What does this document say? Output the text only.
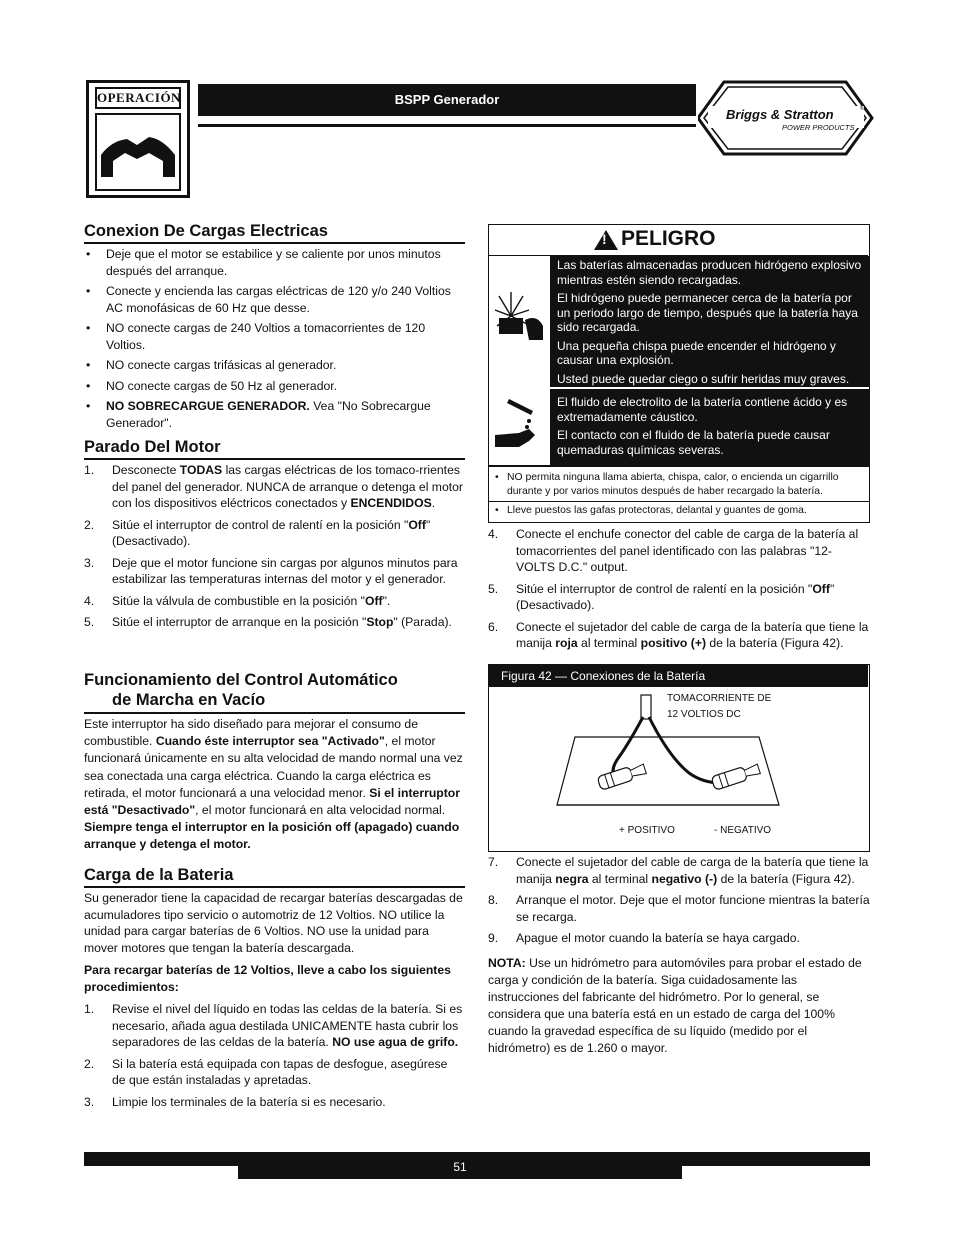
OPERACIÓN	BSPP Generador
Briggs & Stratton	®
POWER PRODUCTS
Conexion De Cargas Electricas
• Deje que el motor se estabilice y se caliente por unos minutos después del arranque.
• Conecte y encienda las cargas eléctricas de 120 y/o 240 Voltios AC monofásicas de 60 Hz que desse.
• NO conecte cargas de 240 Voltios a tomacorrientes de 120 Voltios.
• NO conecte cargas trifásicas al generador.
• NO conecte cargas de 50 Hz al generador.
• NO SOBRECARGUE GENERADOR. Vea "No Sobrecargue Generador".
Parado Del Motor
1. Desconecte TODAS las cargas eléctricas de los tomaco-rrientes del panel del generador. NUNCA de arranque o detenga el motor con los dispositivos eléctricos conectados y ENCENDIDOS.
2. Sitúe el interruptor de control de ralentí en la posición "Off" (Desactivado).
3. Deje que el motor funcione sin cargas por algunos minutos para estabilizar las temperaturas internas del motor y el generador.
4. Sitúe la válvula de combustible en la posición "Off".
5. Sitúe el interruptor de arranque en la posición "Stop" (Parada).
Funcionamiento del Control Automático
de Marcha en Vacío
Este interruptor ha sido diseñado para mejorar el consumo de combustible. Cuando éste interruptor sea "Activado", el motor funcionará únicamente en su alta velocidad de mando normal una vez sea conectada una carga eléctrica. Cuando la carga eléctrica es retirada, el motor funcionará a una velocidad menor. Si el interruptor está "Desactivado", el motor funcionará en alta velocidad normal. Siempre tenga el interruptor en la posición off (apagado) cuando arranque y detenga el motor.
Carga de la Bateria

Su generador tiene la capacidad de recargar baterías descargadas de acumuladores tipo servicio o automotriz de 12 Voltios. NO utilice la unidad para cargar baterías de 6 Voltios. NO use la unidad para mover motores que tengan la batería descargada.

Para recargar baterías de 12 Voltios, lleve a cabo los siguientes procedimientos:

1. Revise el nivel del líquido en todas las celdas de la batería. Si es necesario, añada agua destilada UNICAMENTE hasta cubrir los separadores de las celdas de la batería. NO use agua de grifo.
2. Si la batería está equipada con tapas de desfogue, asegúrese de que están instaladas y apretadas.
3. Limpie los terminales de la batería si es necesario.
! PELIGRO

Las baterías almacenadas producen hidrógeno explosivo mientras estén siendo recargadas.

El hidrógeno puede permanecer cerca de la batería por un periodo largo de tiempo, después que la batería haya sido recargada.

Una pequeña chispa puede encender el hidrógeno y causar una explosión.

Usted puede quedar ciego o sufrir heridas muy graves.

El fluido de electrolito de la batería contiene ácido y es extremadamente cáustico.

El contacto con el fluido de la batería puede causar quemaduras químicas severas.

• NO permita ninguna llama abierta, chispa, calor, o encienda un cigarrillo durante y por varios minutos después de haber recargado la batería.
• Lleve puestos las gafas protectoras, delantal y guantes de goma.
4. Conecte el enchufe conector del cable de carga de la batería al tomacorrientes del panel identificado con las palabras "12-VOLTS D.C." output.
5. Sitúe el interruptor de control de ralentí en la posición "Off" (Desactivado).
6. Conecte el sujetador del cable de carga de la batería que tiene la manija roja al terminal positivo (+) de la batería (Figura 42).
Figura 42 — Conexiones de la Batería
TOMACORRIENTE DE
12 VOLTIOS DC
+ POSITIVO	- NEGATIVO
7. Conecte el sujetador del cable de carga de la batería que tiene la manija negra al terminal negativo (-) de la batería (Figura 42).
8. Arranque el motor. Deje que el motor funcione mientras la batería se recarga.
9. Apague el motor cuando la batería se haya cargado.

NOTA: Use un hidrómetro para automóviles para probar el estado de carga y condición de la batería. Siga cuidadosamente las instrucciones del fabricante del hidrómetro. Por lo general, se considera que una batería está en un estado de carga del 100% cuando la gravedad específica de su líquido (medido por el hidrómetro) es de 1.260 o mayor.

51
